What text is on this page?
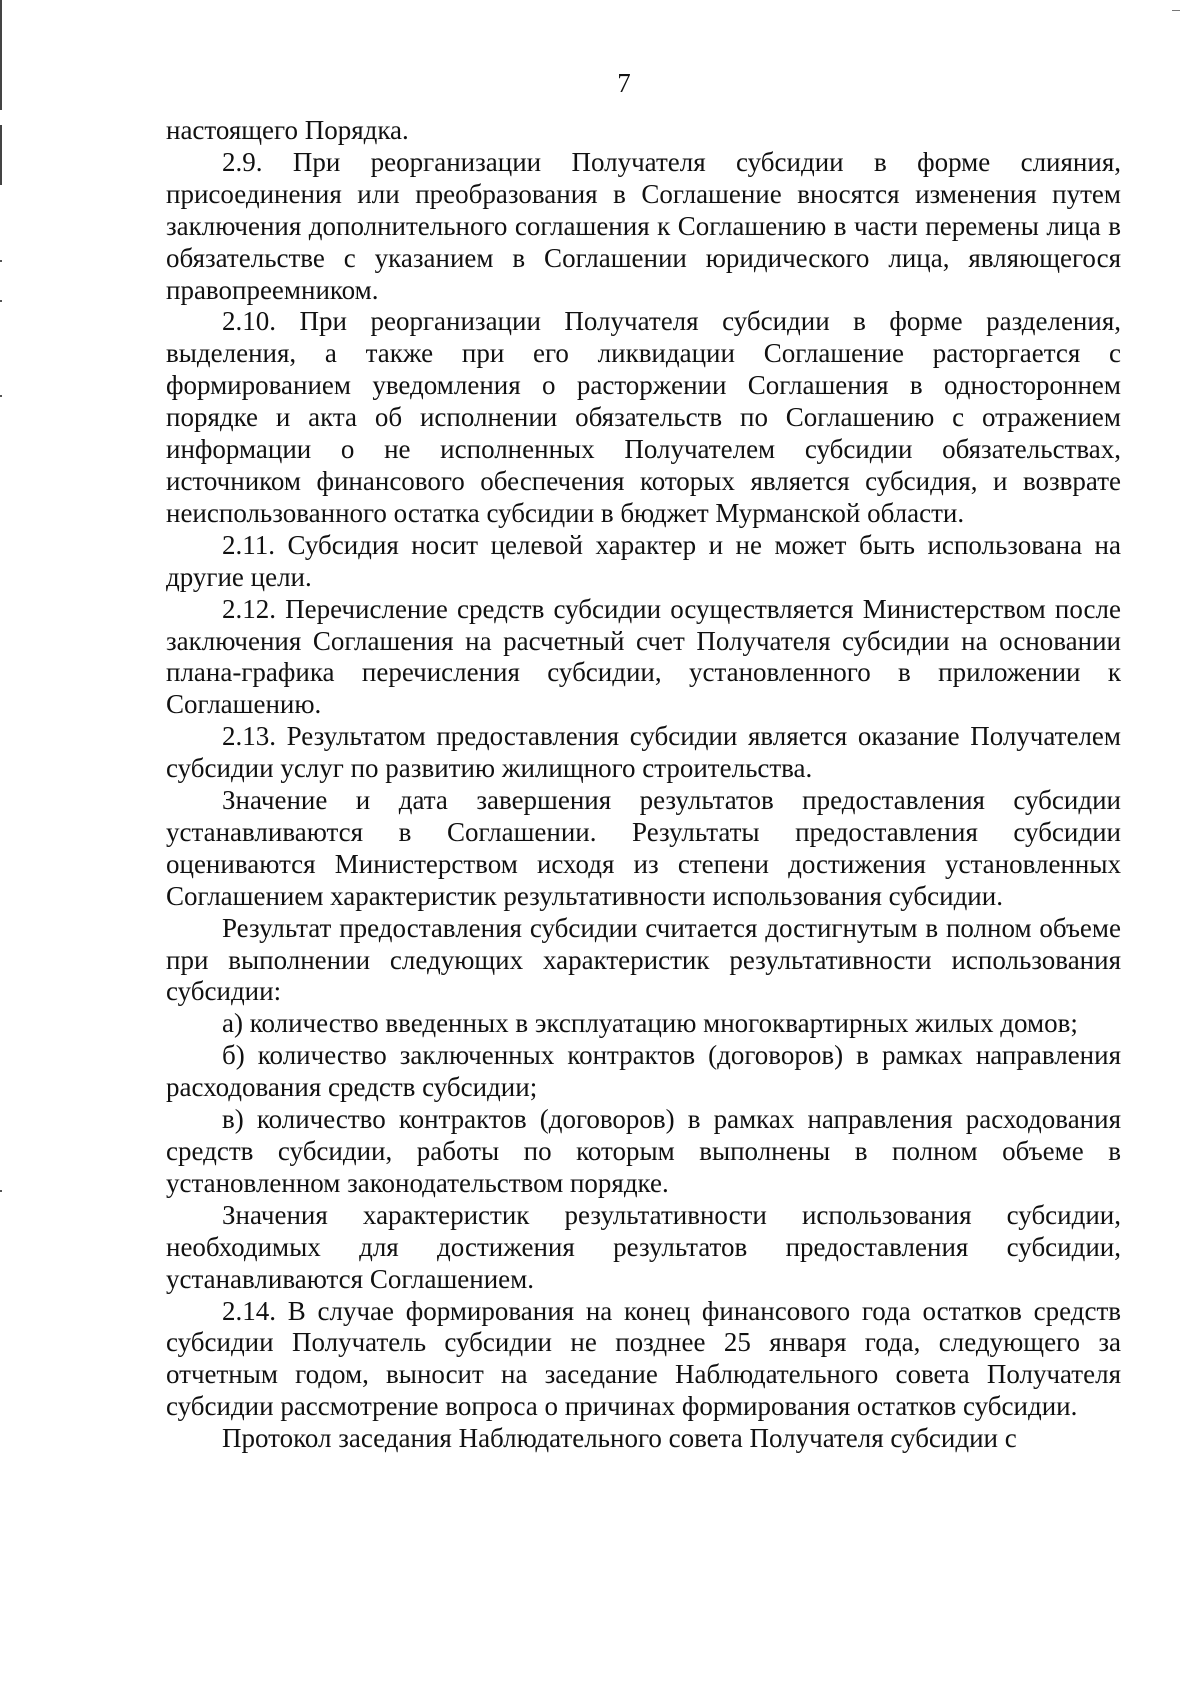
7

настоящего Порядка.

2.9. При реорганизации Получателя субсидии в форме слияния, присоединения или преобразования в Соглашение вносятся изменения путем заключения дополнительного соглашения к Соглашению в части перемены лица в обязательстве с указанием в Соглашении юридического лица, являющегося правопреемником.

2.10. При реорганизации Получателя субсидии в форме разделения, выделения, а также при его ликвидации Соглашение расторгается с формированием уведомления о расторжении Соглашения в одностороннем порядке и акта об исполнении обязательств по Соглашению с отражением информации о не исполненных Получателем субсидии обязательствах, источником финансового обеспечения которых является субсидия, и возврате неиспользованного остатка субсидии в бюджет Мурманской области.

2.11. Субсидия носит целевой характер и не может быть использована на другие цели.

2.12. Перечисление средств субсидии осуществляется Министерством после заключения Соглашения на расчетный счет Получателя субсидии на основании плана-графика перечисления субсидии, установленного в приложении к Соглашению.

2.13. Результатом предоставления субсидии является оказание Получателем субсидии услуг по развитию жилищного строительства.

Значение и дата завершения результатов предоставления субсидии устанавливаются в Соглашении. Результаты предоставления субсидии оцениваются Министерством исходя из степени достижения установленных Соглашением характеристик результативности использования субсидии.

Результат предоставления субсидии считается достигнутым в полном объеме при выполнении следующих характеристик результативности использования субсидии:

а) количество введенных в эксплуатацию многоквартирных жилых домов;

б) количество заключенных контрактов (договоров) в рамках направления расходования средств субсидии;

в) количество контрактов (договоров) в рамках направления расходования средств субсидии, работы по которым выполнены в полном объеме в установленном законодательством порядке.

Значения характеристик результативности использования субсидии, необходимых для достижения результатов предоставления субсидии, устанавливаются Соглашением.

2.14. В случае формирования на конец финансового года остатков средств субсидии Получатель субсидии не позднее 25 января года, следующего за отчетным годом, выносит на заседание Наблюдательного совета Получателя субсидии рассмотрение вопроса о причинах формирования остатков субсидии.

Протокол заседания Наблюдательного совета Получателя субсидии с
